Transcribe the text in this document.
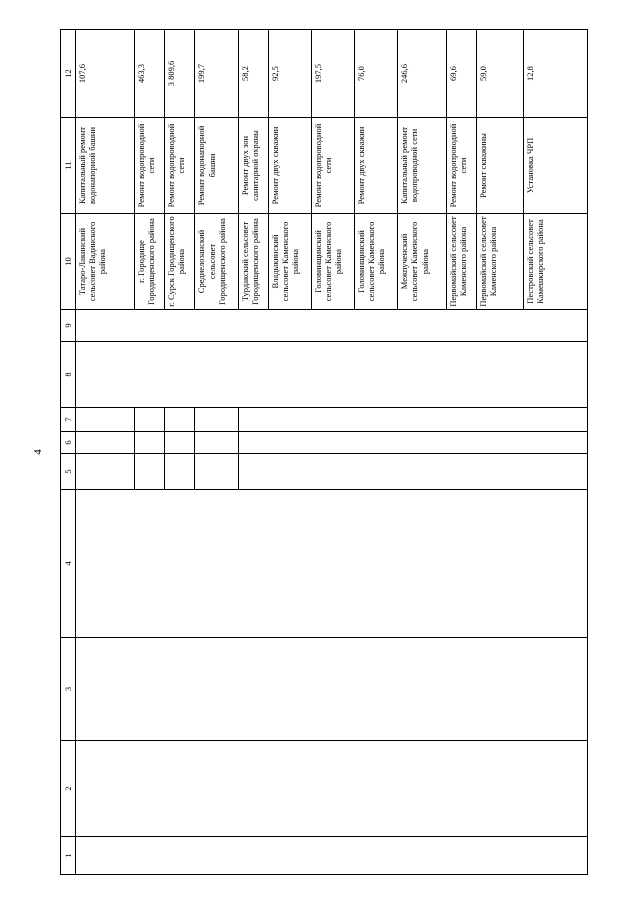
4
1	2	3	4	5	6	7	8	9	10	11	12
									Татаро-Лакинский сельсовет Вадинского района	Капитальный ремонт водонапорной башни	107,6
									г. Городище Городищенского района	Ремонт водопроводной сети	463,3
									г. Сурск Городищенского района	Ремонт водопроводной сети	3 809,6
									Средиелозанский сельсовет Городищенского района	Ремонт водонапорной башни	199,7
									Турдакский сельсовет Городищенского района	Ремонт двух зон санитарной охраны	58,2
									Владыкинский сельсовет Каменского района	Ремонт двух скважин	92,5
									Головинщинский сельсовет Каменского района	Ремонт водопроводной сети	197,5
									Головинщинский сельсовет Каменского района	Ремонт двух скважин	76,0
									Межпученский сельсовет Каменского района	Капитальный ремонт водопроводной сети	246,6
									Первомайский сельсовет Каменского района	Ремонт водопроводной сети	69,6
									Первомайский сельсовет Каменского района	Ремонт скважины	59,0
									Пестровский сельсовет Камешкирского района	Установка ЧРП	12,8
